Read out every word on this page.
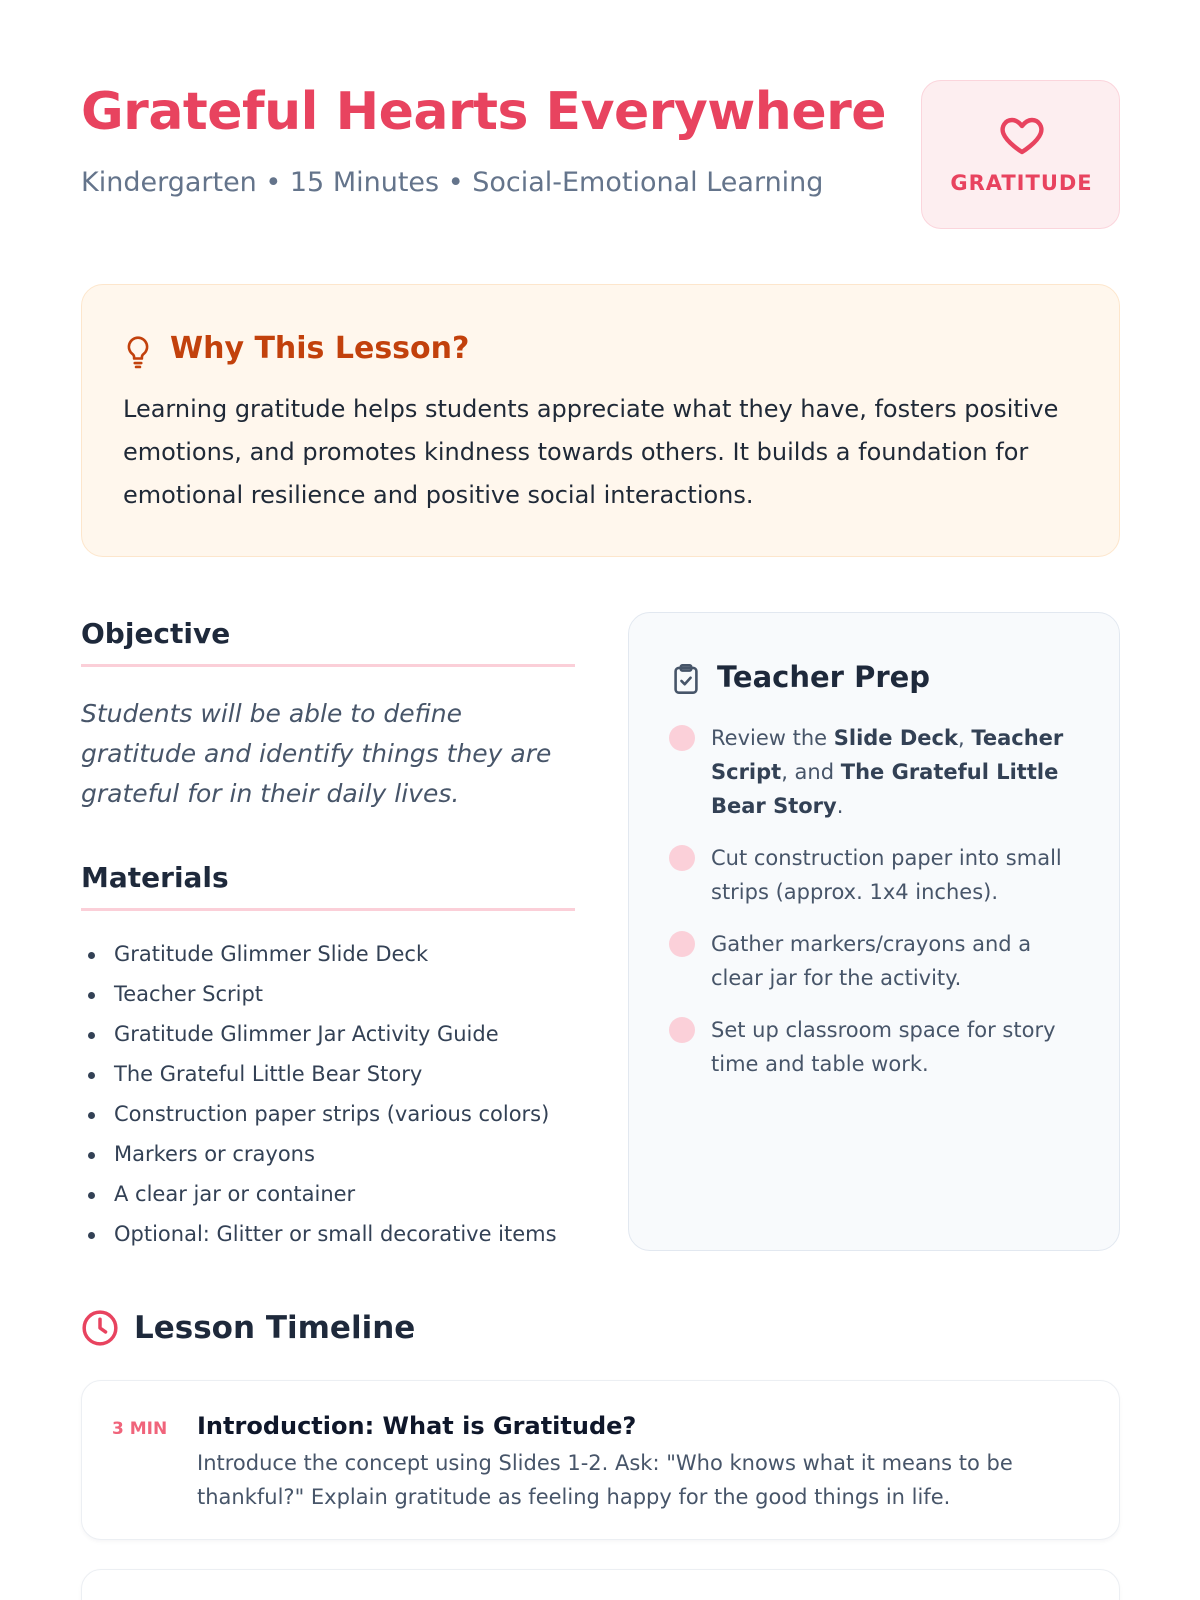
Grateful Hearts Everywhere
Kindergarten • 15 Minutes • Social-Emotional Learning	GRATITUDE
Why This Lesson?

Learning gratitude helps students appreciate what they have, fosters positive emotions, and promotes kindness towards others. It builds a foundation for emotional resilience and positive social interactions.

Objective

Students will be able to define gratitude and identify things they are grateful for in their daily lives.

Materials
Gratitude Glimmer Slide Deck
Teacher Script
Gratitude Glimmer Jar Activity Guide
The Grateful Little Bear Story
Construction paper strips (various colors)
Markers or crayons
A clear jar or container
Optional: Glitter or small decorative items
Teacher Prep
Review the Slide Deck, Teacher Script, and The Grateful Little Bear Story.
Cut construction paper into small strips (approx. 1x4 inches).
Gather markers/crayons and a clear jar for the activity.
Set up classroom space for story time and table work.
Lesson Timeline
3 MIN Introduction: What is Gratitude?
Introduce the concept using Slides 1-2. Ask: "Who knows what it means to be thankful?" Explain gratitude as feeling happy for the good things in life.
